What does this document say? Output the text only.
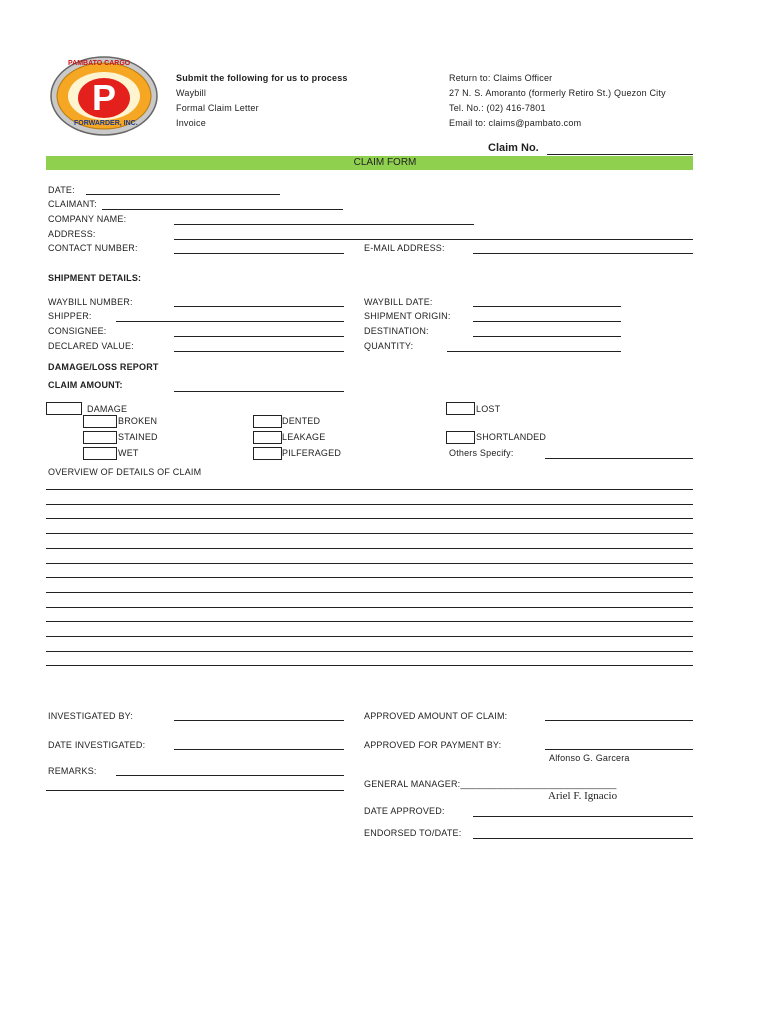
P
PAMBATO CARGO
FORWARDER, INC.
Submit the following for us to process
Waybill
Formal Claim Letter
Invoice
Return to: Claims Officer
27 N. S. Amoranto (formerly Retiro St.) Quezon City
Tel. No.: (02) 416-7801
Email to: claims@pambato.com
Claim No.
CLAIM FORM
DATE:
CLAIMANT:
COMPANY NAME:
ADDRESS:
CONTACT NUMBER:	E-MAIL ADDRESS:
SHIPMENT DETAILS:
WAYBILL NUMBER:	WAYBILL DATE:
SHIPPER:	SHIPMENT ORIGIN:
CONSIGNEE:	DESTINATION:
DECLARED VALUE:	QUANTITY:
DAMAGE/LOSS REPORT
CLAIM AMOUNT:
DAMAGE
BROKEN
STAINED
WET
DENTED
LEAKAGE
PILFERAGED
LOST
SHORTLANDED
Others Specify:
OVERVIEW OF DETAILS OF CLAIM
INVESTIGATED BY:	APPROVED AMOUNT OF CLAIM:
DATE INVESTIGATED:	APPROVED FOR PAYMENT BY:
Alfonso G. Garcera
REMARKS:
GENERAL MANAGER:______________________________
Ariel F. Ignacio
DATE APPROVED:
ENDORSED TO/DATE:
